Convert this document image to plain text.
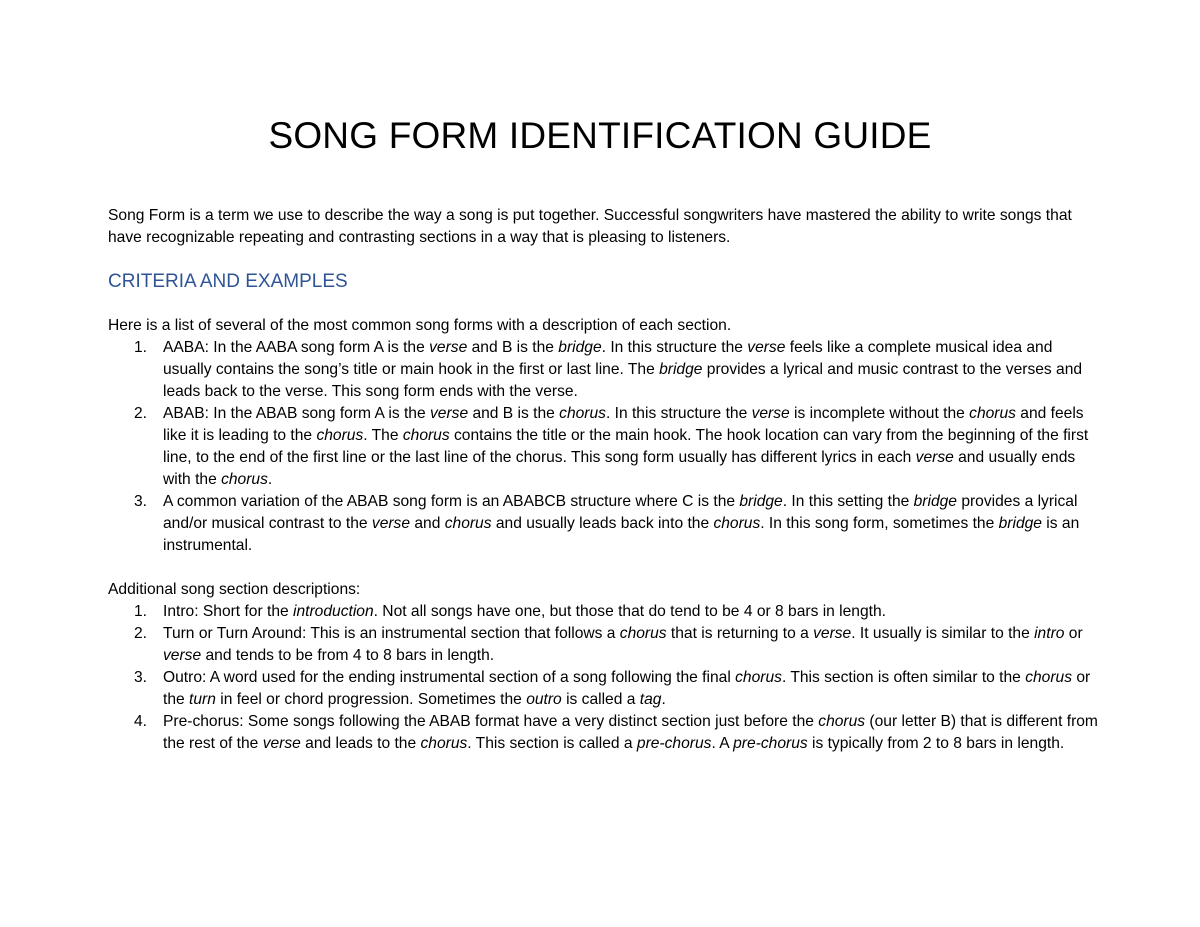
SONG FORM IDENTIFICATION GUIDE

Song Form is a term we use to describe the way a song is put together. Successful songwriters have mastered the ability to write songs that have recognizable repeating and contrasting sections in a way that is pleasing to listeners.

CRITERIA AND EXAMPLES

Here is a list of several of the most common song forms with a description of each section.

1. AABA: In the AABA song form A is the verse and B is the bridge. In this structure the verse feels like a complete musical idea and usually contains the song’s title or main hook in the first or last line. The bridge provides a lyrical and music contrast to the verses and leads back to the verse. This song form ends with the verse.
2. ABAB: In the ABAB song form A is the verse and B is the chorus. In this structure the verse is incomplete without the chorus and feels like it is leading to the chorus. The chorus contains the title or the main hook. The hook location can vary from the beginning of the first line, to the end of the first line or the last line of the chorus. This song form usually has different lyrics in each verse and usually ends with the chorus.
3. A common variation of the ABAB song form is an ABABCB structure where C is the bridge. In this setting the bridge provides a lyrical and/or musical contrast to the verse and chorus and usually leads back into the chorus. In this song form, sometimes the bridge is an instrumental.

Additional song section descriptions:

1. Intro: Short for the introduction. Not all songs have one, but those that do tend to be 4 or 8 bars in length.
2. Turn or Turn Around: This is an instrumental section that follows a chorus that is returning to a verse. It usually is similar to the intro or verse and tends to be from 4 to 8 bars in length.
3. Outro: A word used for the ending instrumental section of a song following the final chorus. This section is often similar to the chorus or the turn in feel or chord progression. Sometimes the outro is called a tag.
4. Pre-chorus: Some songs following the ABAB format have a very distinct section just before the chorus (our letter B) that is different from the rest of the verse and leads to the chorus. This section is called a pre-chorus. A pre-chorus is typically from 2 to 8 bars in length.
